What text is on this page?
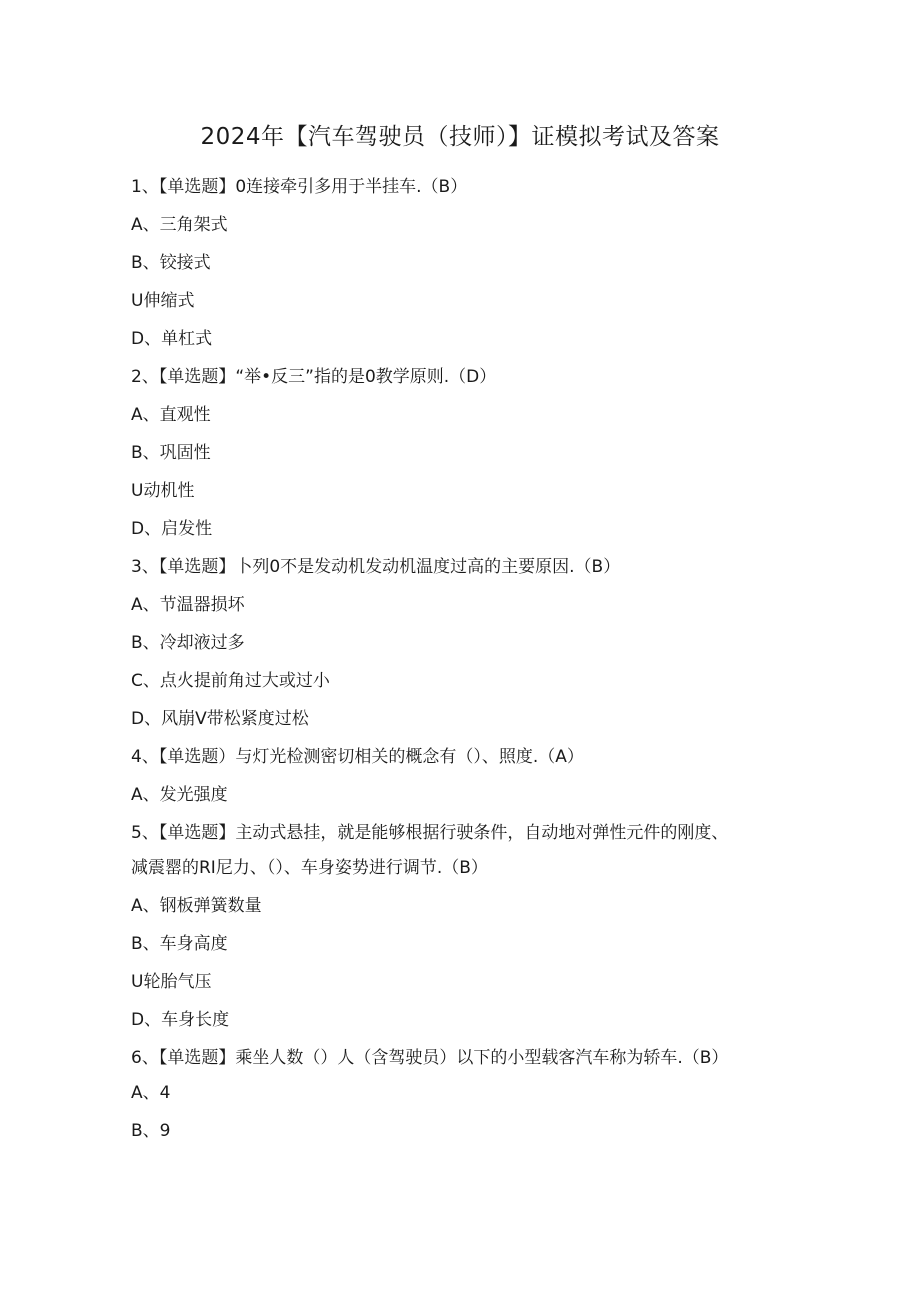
2024年【汽车驾驶员（技师）】证模拟考试及答案
1、【单选题】0连接牵引多用于半挂车.（B）
A、三角架式
B、铰接式
U伸缩式
D、单杠式
2、【单选题】“举•反三”指的是0教学原则.（D）
A、直观性
B、巩固性
U动机性
D、启发性
3、【单选题】卜列0不是发动机发动机温度过高的主要原因.（B）
A、节温器损坏
B、冷却液过多
C、点火提前角过大或过小
D、风崩V带松紧度过松
4、【单选题）与灯光检测密切相关的概念有（）、照度.（A）
A、发光强度
5、【单选题】主动式悬挂，就是能够根据行驶条件，自动地对弹性元件的刚度、
减震罂的RI尼力、（）、车身姿势进行调节.（B）
A、钢板弹簧数量
B、车身高度
U轮胎气压
D、车身长度
6、【单选题】乘坐人数（）人（含驾驶员）以下的小型载客汽车称为轿车.（B）
A、4
B、9
